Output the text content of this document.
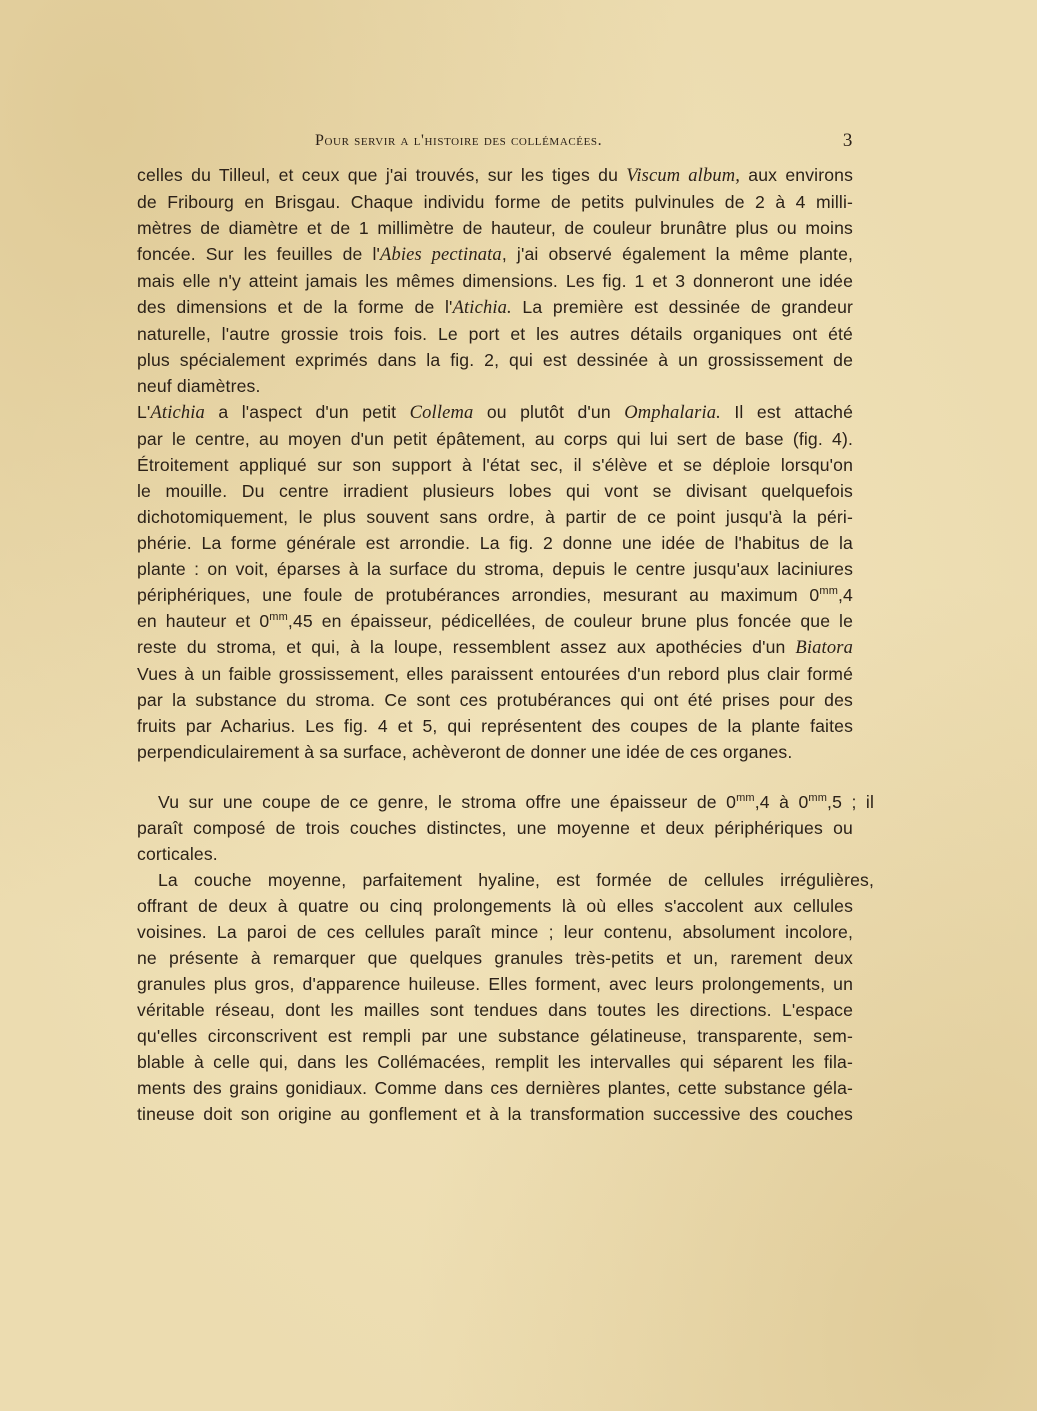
Pour servir a l'histoire des collémacées.	3
celles du Tilleul, et ceux que j'ai trouvés, sur les tiges du Viscum album, aux environs
de Fribourg en Brisgau. Chaque individu forme de petits pulvinules de 2 à 4 milli-
mètres de diamètre et de 1 millimètre de hauteur, de couleur brunâtre plus ou moins
foncée. Sur les feuilles de l'Abies pectinata, j'ai observé également la même plante,
mais elle n'y atteint jamais les mêmes dimensions. Les fig. 1 et 3 donneront une idée
des dimensions et de la forme de l'Atichia. La première est dessinée de grandeur
naturelle, l'autre grossie trois fois. Le port et les autres détails organiques ont été
plus spécialement exprimés dans la fig. 2, qui est dessinée à un grossissement de
neuf diamètres.
L'Atichia a l'aspect d'un petit Collema ou plutôt d'un Omphalaria. Il est attaché
par le centre, au moyen d'un petit épâtement, au corps qui lui sert de base (fig. 4).
Étroitement appliqué sur son support à l'état sec, il s'élève et se déploie lorsqu'on
le mouille. Du centre irradient plusieurs lobes qui vont se divisant quelquefois
dichotomiquement, le plus souvent sans ordre, à partir de ce point jusqu'à la péri-
phérie. La forme générale est arrondie. La fig. 2 donne une idée de l'habitus de la
plante : on voit, éparses à la surface du stroma, depuis le centre jusqu'aux laciniures
périphériques, une foule de protubérances arrondies, mesurant au maximum $0^{mm},4$
en hauteur et $0^{mm},45$ en épaisseur, pédicellées, de couleur brune plus foncée que le
reste du stroma, et qui, à la loupe, ressemblent assez aux apothécies d'un Biatora
Vues à un faible grossissement, elles paraissent entourées d'un rebord plus clair formé
par la substance du stroma. Ce sont ces protubérances qui ont été prises pour des
fruits par Acharius. Les fig. 4 et 5, qui représentent des coupes de la plante faites
perpendiculairement à sa surface, achèveront de donner une idée de ces organes.
Vu sur une coupe de ce genre, le stroma offre une épaisseur de $0^{mm},4$ à $0^{mm},5$ ; il
paraît composé de trois couches distinctes, une moyenne et deux périphériques ou
corticales.
La couche moyenne, parfaitement hyaline, est formée de cellules irrégulières,
offrant de deux à quatre ou cinq prolongements là où elles s'accolent aux cellules
voisines. La paroi de ces cellules paraît mince ; leur contenu, absolument incolore,
ne présente à remarquer que quelques granules très-petits et un, rarement deux
granules plus gros, d'apparence huileuse. Elles forment, avec leurs prolongements, un
véritable réseau, dont les mailles sont tendues dans toutes les directions. L'espace
qu'elles circonscrivent est rempli par une substance gélatineuse, transparente, sem-
blable à celle qui, dans les Collémacées, remplit les intervalles qui séparent les fila-
ments des grains gonidiaux. Comme dans ces dernières plantes, cette substance géla-
tineuse doit son origine au gonflement et à la transformation successive des couches
